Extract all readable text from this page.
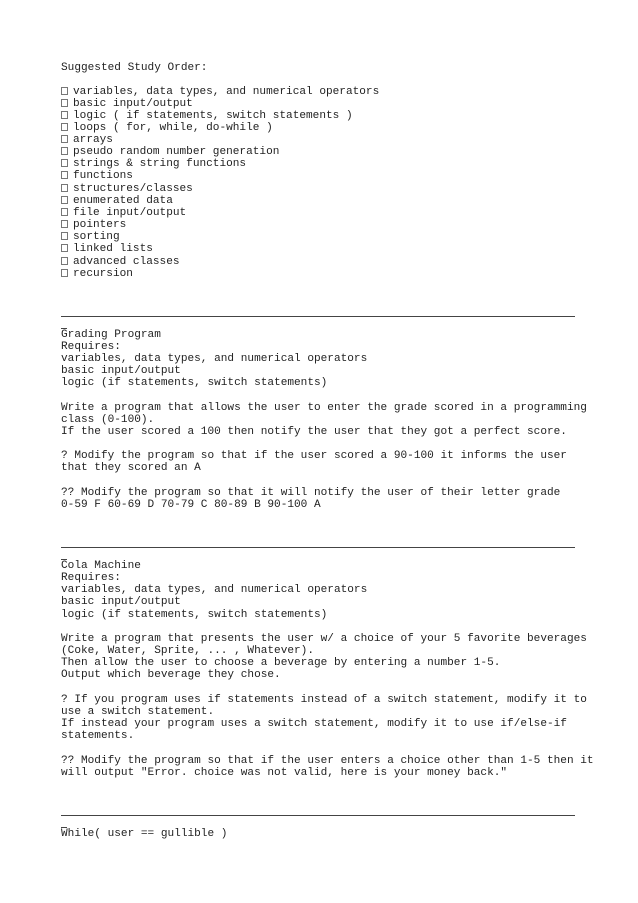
Suggested Study Order:
variables, data types, and numerical operators
basic input/output
logic ( if statements, switch statements )
loops ( for, while, do-while )
arrays
pseudo random number generation
strings & string functions
functions
structures/classes
enumerated data
file input/output
pointers
sorting
linked lists
advanced classes
recursion
Grading Program
Requires:
variables, data types, and numerical operators
basic input/output
logic (if statements, switch statements)
Write a program that allows the user to enter the grade scored in a programming
class (0-100).
If the user scored a 100 then notify the user that they got a perfect score.
? Modify the program so that if the user scored a 90-100 it informs the user
that they scored an A
?? Modify the program so that it will notify the user of their letter grade
0-59 F 60-69 D 70-79 C 80-89 B 90-100 A
Cola Machine
Requires:
variables, data types, and numerical operators
basic input/output
logic (if statements, switch statements)
Write a program that presents the user w/ a choice of your 5 favorite beverages
(Coke, Water, Sprite, ... , Whatever).
Then allow the user to choose a beverage by entering a number 1-5.
Output which beverage they chose.
? If you program uses if statements instead of a switch statement, modify it to
use a switch statement.
If instead your program uses a switch statement, modify it to use if/else-if
statements.
?? Modify the program so that if the user enters a choice other than 1-5 then it
will output "Error. choice was not valid, here is your money back."
While( user == gullible )
